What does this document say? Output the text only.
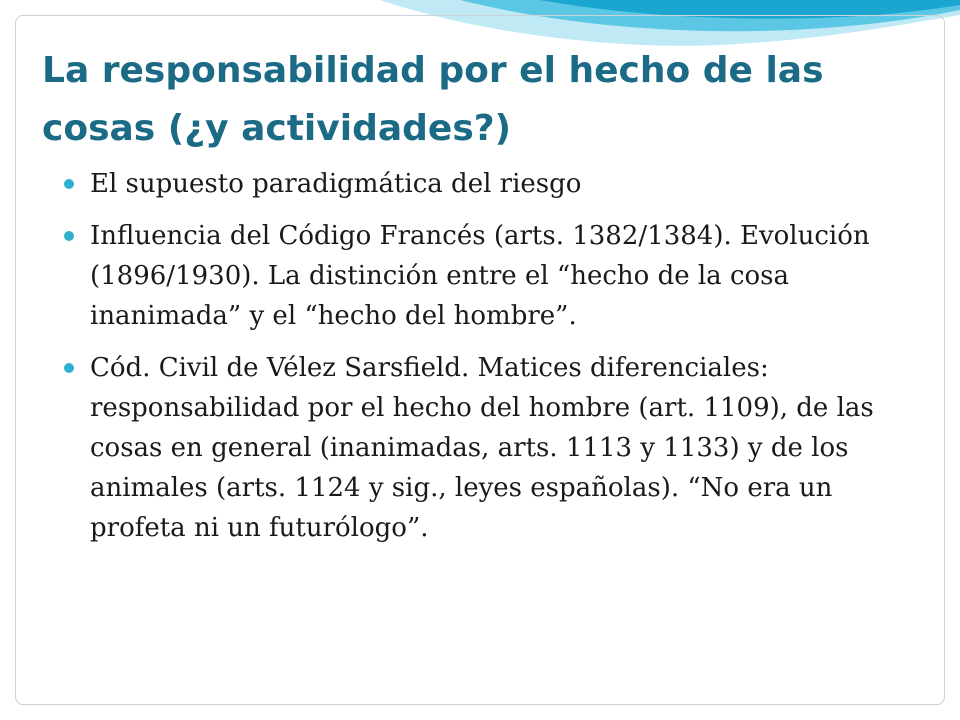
La responsabilidad por el hecho de las cosas (¿y actividades?)
El supuesto paradigmática del riesgo
Influencia del Código Francés (arts. 1382/1384). Evolución (1896/1930). La distinción entre el “hecho de la cosa inanimada” y el “hecho del hombre”.
Cód. Civil de Vélez Sarsfield. Matices diferenciales: responsabilidad por el hecho del hombre (art. 1109), de las cosas en general (inanimadas, arts. 1113 y 1133) y de los animales (arts. 1124 y sig., leyes españolas). “No era un profeta ni un futurólogo”.
